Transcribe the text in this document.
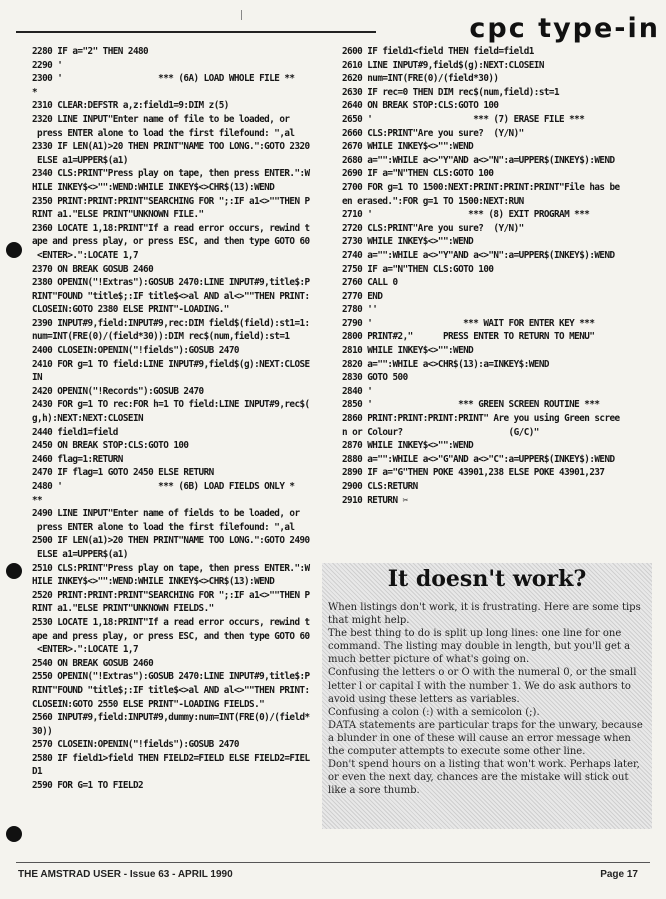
cpc type-in
2280 IF a="2" THEN 2480
2290 '
2300 '                   *** (6A) LOAD WHOLE FILE **
*
2310 CLEAR:DEFSTR a,z:field1=9:DIM z(5)
2320 LINE INPUT"Enter name of file to be loaded, or
press ENTER alone to load the first filefound: ",al
2330 IF LEN(A1)>20 THEN PRINT"NAME TOO LONG.":GOTO 2320
ELSE a1=UPPER$(a1)
2340 CLS:PRINT"Press play on tape, then press ENTER.":W
HILE INKEY$<>"":WEND:WHILE INKEY$<>CHR$(13):WEND
2350 PRINT:PRINT:PRINT"SEARCHING FOR ";:IF a1<>""THEN P
RINT a1."ELSE PRINT"UNKNOWN FILE."
2360 LOCATE 1,18:PRINT"If a read error occurs, rewind t
ape and press play, or press ESC, and then type GOTO 60
<ENTER>.":LOCATE 1,7
2370 ON BREAK GOSUB 2460
2380 OPENIN("!Extras"):GOSUB 2470:LINE INPUT#9,title$:P
RINT"FOUND "title$;:IF title$<>al AND al<>""THEN PRINT:
CLOSEIN:GOTO 2380 ELSE PRINT"-LOADING."
2390 INPUT#9,field:INPUT#9,rec:DIM field$(field):st1=1:
num=INT(FRE(0)/(field*30)):DIM rec$(num,field):st=1
2400 CLOSEIN:OPENIN("!fields"):GOSUB 2470
2410 FOR g=1 TO field:LINE INPUT#9,field$(g):NEXT:CLOSE
IN
2420 OPENIN("!Records"):GOSUB 2470
2430 FOR g=1 TO rec:FOR h=1 TO field:LINE INPUT#9,rec$(
g,h):NEXT:NEXT:CLOSEIN
2440 field1=field
2450 ON BREAK STOP:CLS:GOTO 100
2460 flag=1:RETURN
2470 IF flag=1 GOTO 2450 ELSE RETURN
2480 '                   *** (6B) LOAD FIELDS ONLY *
**
2490 LINE INPUT"Enter name of fields to be loaded, or
press ENTER alone to load the first filefound: ",al
2500 IF LEN(a1)>20 THEN PRINT"NAME TOO LONG.":GOTO 2490
ELSE a1=UPPER$(a1)
2510 CLS:PRINT"Press play on tape, then press ENTER.":W
HILE INKEY$<>"":WEND:WHILE INKEY$<>CHR$(13):WEND
2520 PRINT:PRINT:PRINT"SEARCHING FOR ";:IF a1<>""THEN P
RINT a1."ELSE PRINT"UNKNOWN FIELDS."
2530 LOCATE 1,18:PRINT"If a read error occurs, rewind t
ape and press play, or press ESC, and then type GOTO 60
<ENTER>.":LOCATE 1,7
2540 ON BREAK GOSUB 2460
2550 OPENIN("!Extras"):GOSUB 2470:LINE INPUT#9,title$:P
RINT"FOUND "title$;:IF title$<>al AND al<>""THEN PRINT:
CLOSEIN:GOTO 2550 ELSE PRINT"-LOADING FIELDS."
2560 INPUT#9,field:INPUT#9,dummy:num=INT(FRE(0)/(field*
30))
2570 CLOSEIN:OPENIN("!fields"):GOSUB 2470
2580 IF field1>field THEN FIELD2=FIELD ELSE FIELD2=FIEL
D1
2590 FOR G=1 TO FIELD2
2600 IF field1<field THEN field=field1
2610 LINE INPUT#9,field$(g):NEXT:CLOSEIN
2620 num=INT(FRE(0)/(field*30))
2630 IF rec=0 THEN DIM rec$(num,field):st=1
2640 ON BREAK STOP:CLS:GOTO 100
2650 '                    *** (7) ERASE FILE ***
2660 CLS:PRINT"Are you sure?  (Y/N)"
2670 WHILE INKEY$<>"":WEND
2680 a="":WHILE a<>"Y"AND a<>"N":a=UPPER$(INKEY$):WEND
2690 IF a="N"THEN CLS:GOTO 100
2700 FOR g=1 TO 1500:NEXT:PRINT:PRINT:PRINT"File has be
en erased.":FOR g=1 TO 1500:NEXT:RUN
2710 '                   *** (8) EXIT PROGRAM ***
2720 CLS:PRINT"Are you sure?  (Y/N)"
2730 WHILE INKEY$<>"":WEND
2740 a="":WHILE a<>"Y"AND a<>"N":a=UPPER$(INKEY$):WEND
2750 IF a="N"THEN CLS:GOTO 100
2760 CALL 0
2770 END
2780 ''
2790 '                  *** WAIT FOR ENTER KEY ***
2800 PRINT#2,"      PRESS ENTER TO RETURN TO MENU"
2810 WHILE INKEY$<>"":WEND
2820 a="":WHILE a<>CHR$(13):a=INKEY$:WEND
2830 GOTO 500
2840 '
2850 '                 *** GREEN SCREEN ROUTINE ***
2860 PRINT:PRINT:PRINT:PRINT" Are you using Green scree
n or Colour?                     (G/C)"
2870 WHILE INKEY$<>"":WEND
2880 a="":WHILE a<>"G"AND a<>"C":a=UPPER$(INKEY$):WEND
2890 IF a="G"THEN POKE 43901,238 ELSE POKE 43901,237
2900 CLS:RETURN
2910 RETURN ✂
It doesn't work?
When listings don't work, it is frustrating. Here are some tips that might help.
The best thing to do is split up long lines: one line for one command. The listing may double in length, but you'll get a much better picture of what's going on.
Confusing the letters o or O with the numeral 0, or the small letter l or capital I with the number 1. We do ask authors to avoid using these letters as variables.
Confusing a colon (:) with a semicolon (;).
DATA statements are particular traps for the unwary, because a blunder in one of these will cause an error message when the computer attempts to execute some other line.
Don't spend hours on a listing that won't work. Perhaps later, or even the next day, chances are the mistake will stick out like a sore thumb.
THE AMSTRAD USER - Issue 63 - APRIL 1990	Page 17
